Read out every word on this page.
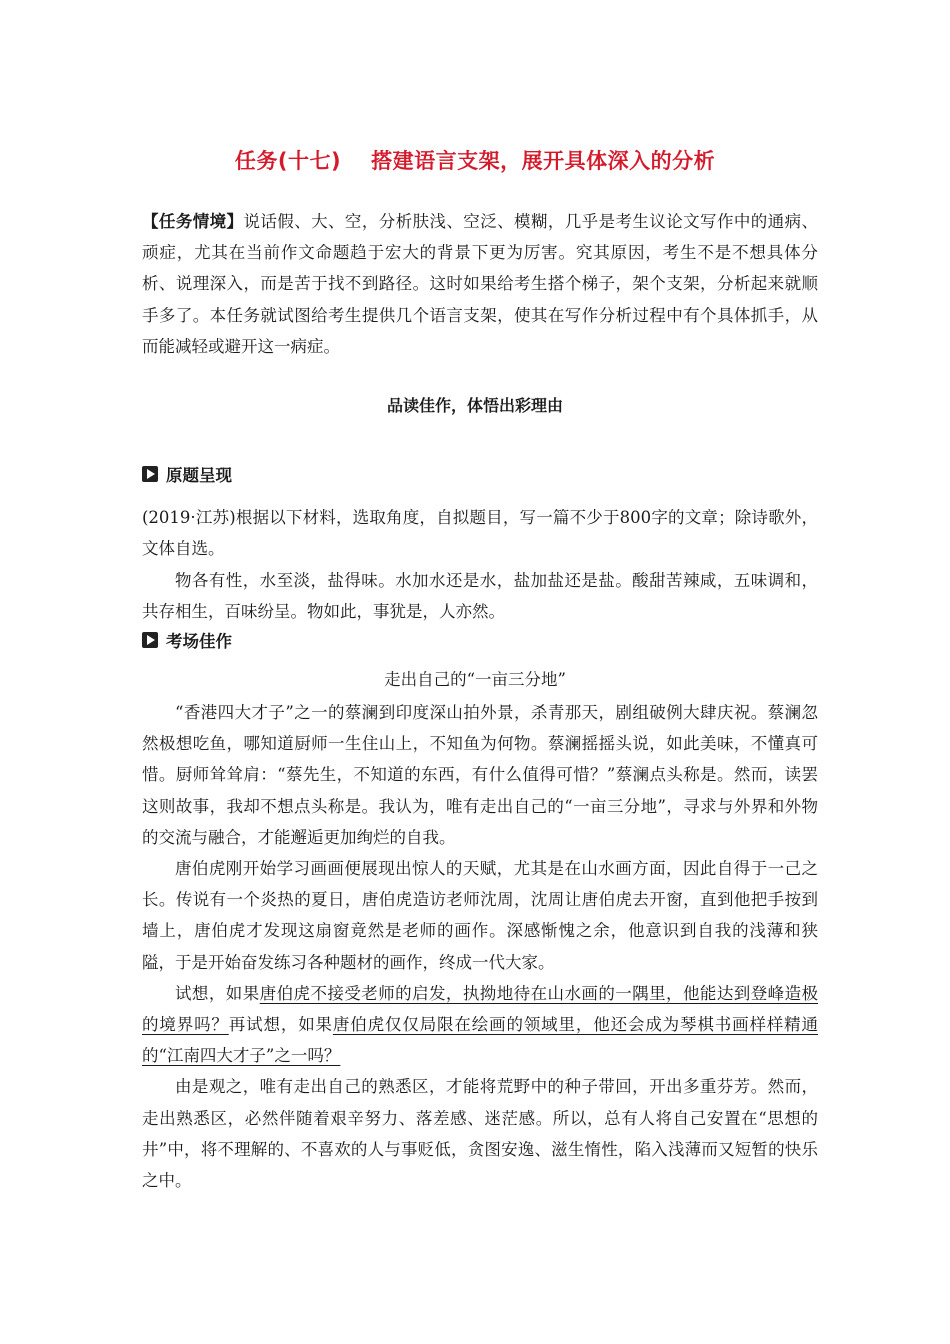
任务(十七) 搭建语言支架，展开具体深入的分析

【任务情境】说话假、大、空，分析肤浅、空泛、模糊，几乎是考生议论文写作中的通病、顽症，尤其在当前作文命题趋于宏大的背景下更为厉害。究其原因，考生不是不想具体分析、说理深入，而是苦于找不到路径。这时如果给考生搭个梯子，架个支架，分析起来就顺手多了。本任务就试图给考生提供几个语言支架，使其在写作分析过程中有个具体抓手，从而能减轻或避开这一病症。

品读佳作，体悟出彩理由
原题呈现

(2019·江苏)根据以下材料，选取角度，自拟题目，写一篇不少于800字的文章；除诗歌外，文体自选。

物各有性，水至淡，盐得味。水加水还是水，盐加盐还是盐。酸甜苦辣咸，五味调和，共存相生，百味纷呈。物如此，事犹是，人亦然。

考场佳作
走出自己的“一亩三分地”

“香港四大才子”之一的蔡澜到印度深山拍外景，杀青那天，剧组破例大肆庆祝。蔡澜忽然极想吃鱼，哪知道厨师一生住山上，不知鱼为何物。蔡澜摇摇头说，如此美味，不懂真可惜。厨师耸耸肩：“蔡先生，不知道的东西，有什么值得可惜？”蔡澜点头称是。然而，读罢这则故事，我却不想点头称是。我认为，唯有走出自己的“一亩三分地”，寻求与外界和外物的交流与融合，才能邂逅更加绚烂的自我。

唐伯虎刚开始学习画画便展现出惊人的天赋，尤其是在山水画方面，因此自得于一己之长。传说有一个炎热的夏日，唐伯虎造访老师沈周，沈周让唐伯虎去开窗，直到他把手按到墙上，唐伯虎才发现这扇窗竟然是老师的画作。深感惭愧之余，他意识到自我的浅薄和狭隘，于是开始奋发练习各种题材的画作，终成一代大家。

试想，如果唐伯虎不接受老师的启发，执拗地待在山水画的一隅里，他能达到登峰造极的境界吗？再试想，如果唐伯虎仅仅局限在绘画的领域里，他还会成为琴棋书画样样精通的“江南四大才子”之一吗？

由是观之，唯有走出自己的熟悉区，才能将荒野中的种子带回，开出多重芬芳。然而，走出熟悉区，必然伴随着艰辛努力、落差感、迷茫感。所以，总有人将自己安置在“思想的井”中，将不理解的、不喜欢的人与事贬低，贪图安逸、滋生惰性，陷入浅薄而又短暂的快乐之中。
